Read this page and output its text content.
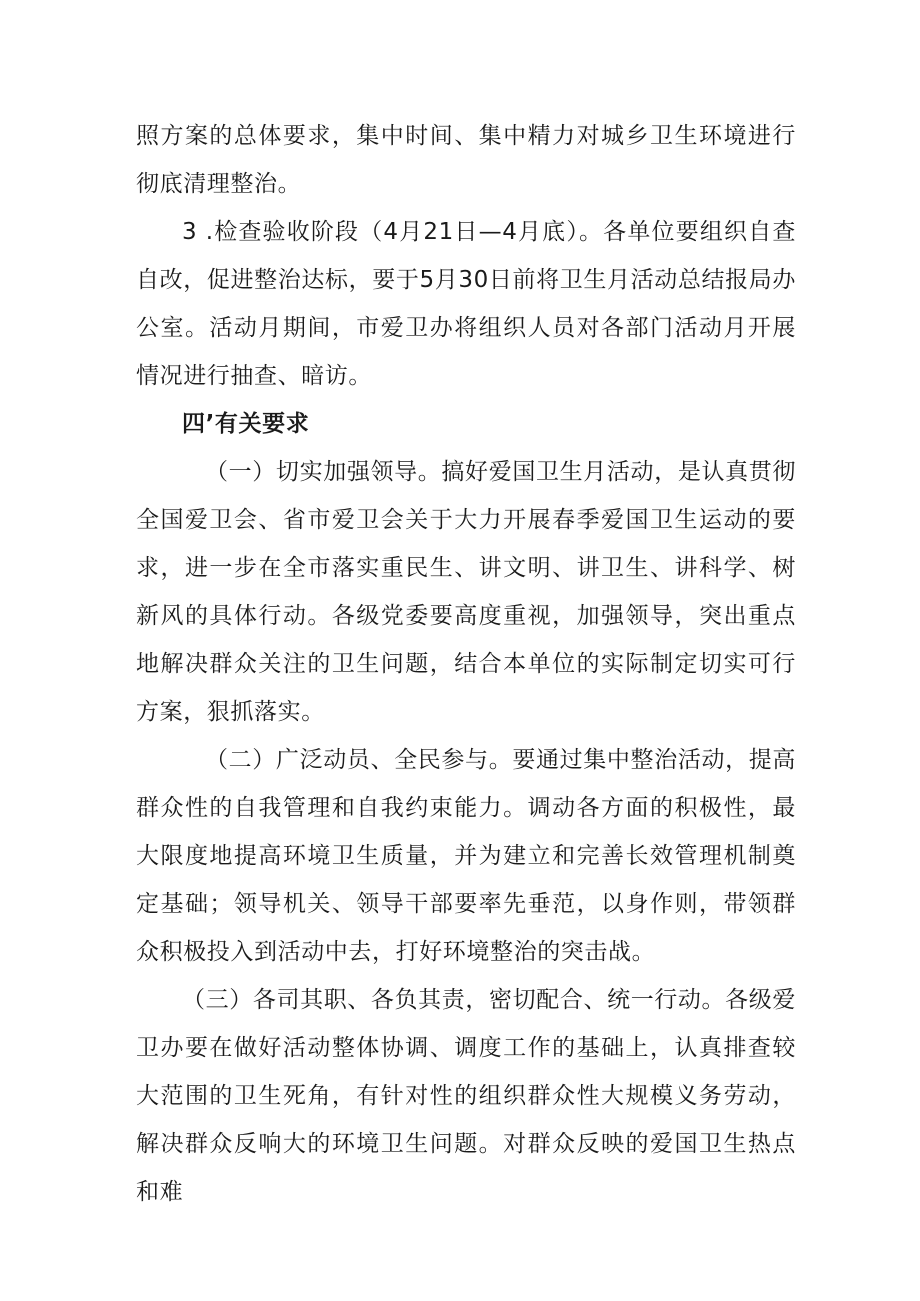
照方案的总体要求，集中时间、集中精力对城乡卫生环境进行彻底清理整治。

3 .检查验收阶段（4月21日—4月底）。各单位要组织自查自改，促进整治达标，要于5月30日前将卫生月活动总结报局办公室。活动月期间，市爱卫办将组织人员对各部门活动月开展情况进行抽查、暗访。

四’有关要求

（一）切实加强领导。搞好爱国卫生月活动，是认真贯彻全国爱卫会、省市爱卫会关于大力开展春季爱国卫生运动的要求，进一步在全市落实重民生、讲文明、讲卫生、讲科学、树新风的具体行动。各级党委要高度重视，加强领导，突出重点地解决群众关注的卫生问题，结合本单位的实际制定切实可行方案，狠抓落实。

（二）广泛动员、全民参与。要通过集中整治活动，提高群众性的自我管理和自我约束能力。调动各方面的积极性，最大限度地提高环境卫生质量，并为建立和完善长效管理机制奠定基础；领导机关、领导干部要率先垂范，以身作则，带领群众积极投入到活动中去，打好环境整治的突击战。

（三）各司其职、各负其责，密切配合、统一行动。各级爱卫办要在做好活动整体协调、调度工作的基础上，认真排查较大范围的卫生死角，有针对性的组织群众性大规模义务劳动，解决群众反响大的环境卫生问题。对群众反映的爱国卫生热点和难
